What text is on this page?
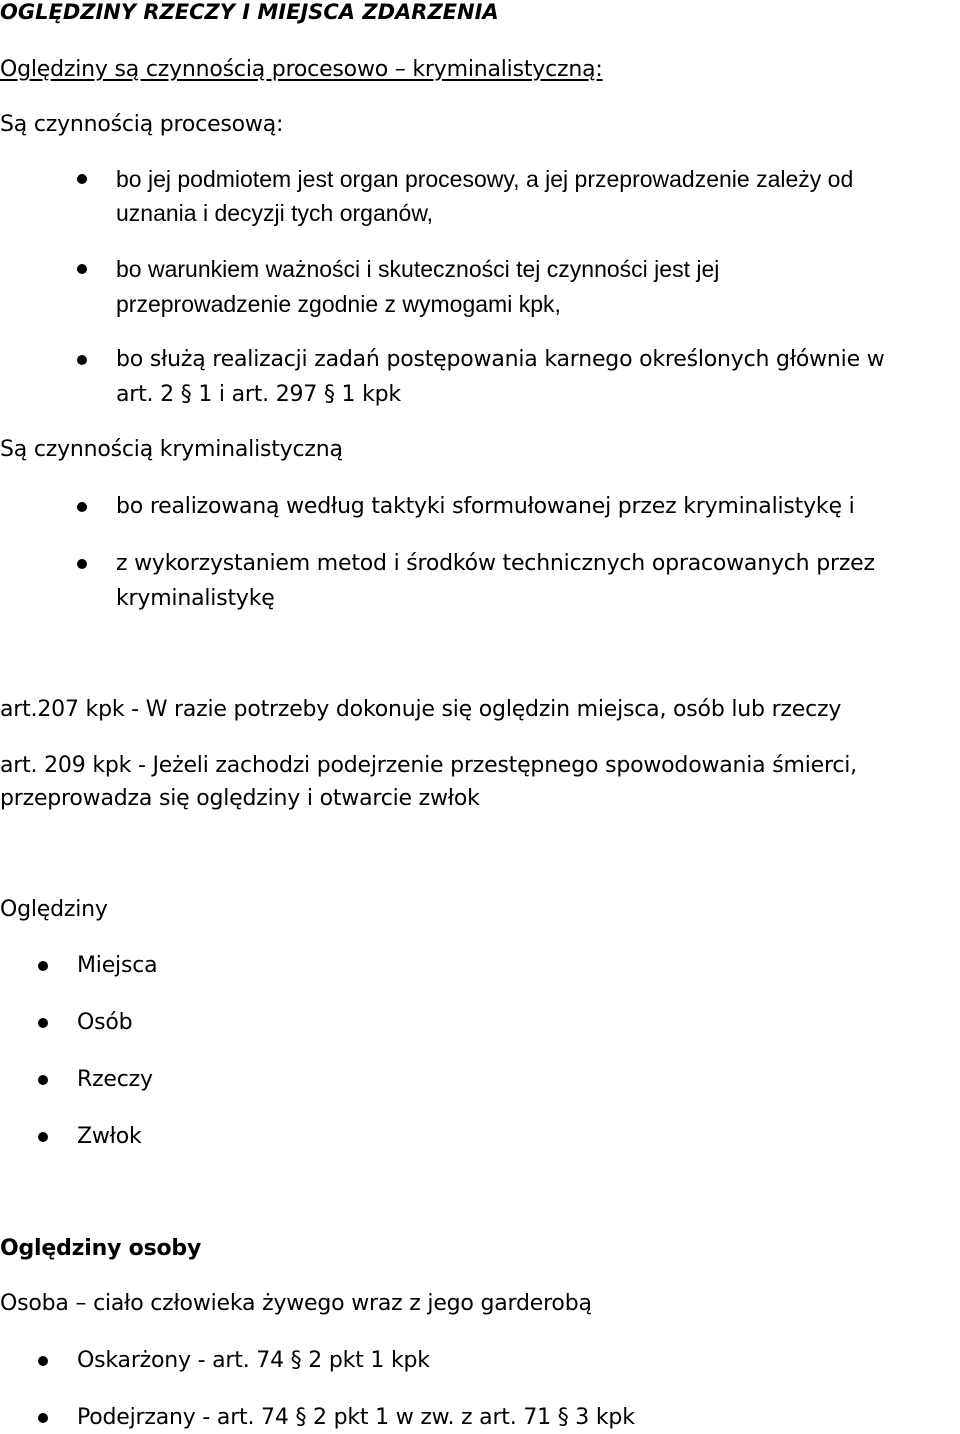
OGLĘDZINY RZECZY I MIEJSCA ZDARZENIA
Oględziny są czynnością procesowo – kryminalistyczną:
Są czynnością procesową:
bo jej podmiotem jest organ procesowy, a jej przeprowadzenie zależy od
uznania i decyzji tych organów,
bo warunkiem ważności i skuteczności tej czynności jest jej
przeprowadzenie zgodnie z wymogami kpk,
bo służą realizacji zadań postępowania karnego określonych głównie w
art. 2 § 1 i art. 297 § 1 kpk
Są czynnością kryminalistyczną
bo realizowaną według taktyki sformułowanej przez kryminalistykę i
z wykorzystaniem metod i środków technicznych opracowanych przez
kryminalistykę
art.207 kpk - W razie potrzeby dokonuje się oględzin miejsca, osób lub rzeczy
art. 209 kpk - Jeżeli zachodzi podejrzenie przestępnego spowodowania śmierci,
przeprowadza się oględziny i otwarcie zwłok
Oględziny
Miejsca
Osób
Rzeczy
Zwłok
Oględziny osoby
Osoba – ciało człowieka żywego wraz z jego garderobą
Oskarżony - art. 74 § 2 pkt 1 kpk
Podejrzany - art. 74 § 2 pkt 1 w zw. z art. 71 § 3 kpk
